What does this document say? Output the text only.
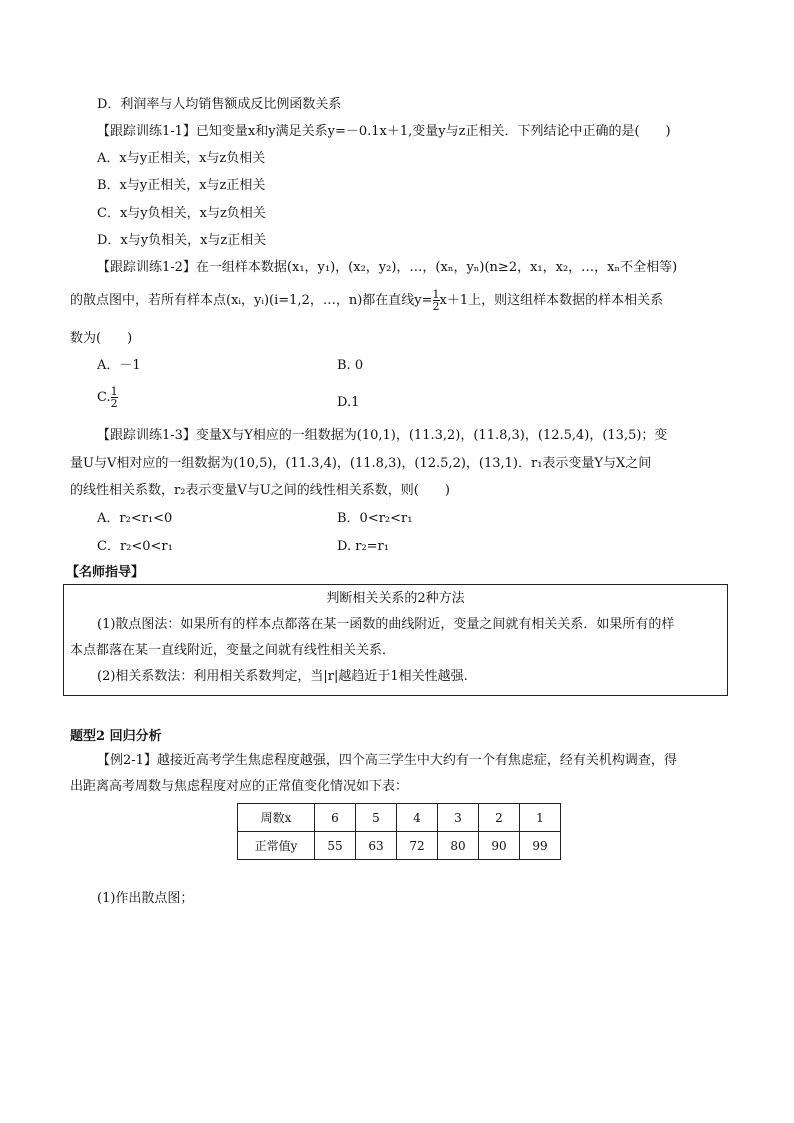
D．利润率与人均销售额成反比例函数关系
【跟踪训练1-1】已知变量x和y满足关系y=－0.1x＋1,变量y与z正相关．下列结论中正确的是(　　)
A．x与y正相关，x与z负相关
B．x与y正相关，x与z正相关
C．x与y负相关，x与z负相关
D．x与y负相关，x与z正相关
【跟踪训练1-2】在一组样本数据(x₁，y₁)，(x₂，y₂)，…，(xₙ，yₙ)(n≥2，x₁，x₂，…，xₙ不全相等)
的散点图中，若所有样本点(xᵢ，yᵢ)(i=1,2，…，n)都在直线$y= \frac{1}{2} x+1$上，则这组样本数据的样本相关系
数为(　　)
A．－1	B. 0
C. $\frac{1}{2}$	D.1
【跟踪训练1-3】变量X与Y相应的一组数据为(10,1)，(11.3,2)，(11.8,3)，(12.5,4)，(13,5)；变
量U与V相对应的一组数据为(10,5)，(11.3,4)，(11.8,3)，(12.5,2)，(13,1)．r₁表示变量Y与X之间
的线性相关系数，r₂表示变量V与U之间的线性相关系数，则(　　)
A．r₂<r₁<0	B．0<r₂<r₁
C．r₂<0<r₁	D. r₂=r₁
【名师指导】
判断相关关系的2种方法
(1)散点图法：如果所有的样本点都落在某一函数的曲线附近，变量之间就有相关关系．如果所有的样
本点都落在某一直线附近，变量之间就有线性相关关系．
(2)相关系数法：利用相关系数判定，当|r|越趋近于1相关性越强.
题型2 回归分析
【例2-1】越接近高考学生焦虑程度越强，四个高三学生中大约有一个有焦虑症，经有关机构调查，得
出距离高考周数与焦虑程度对应的正常值变化情况如下表：
周数x	6	5	4	3	2	1
正常值y	55	63	72	80	90	99
(1)作出散点图；
